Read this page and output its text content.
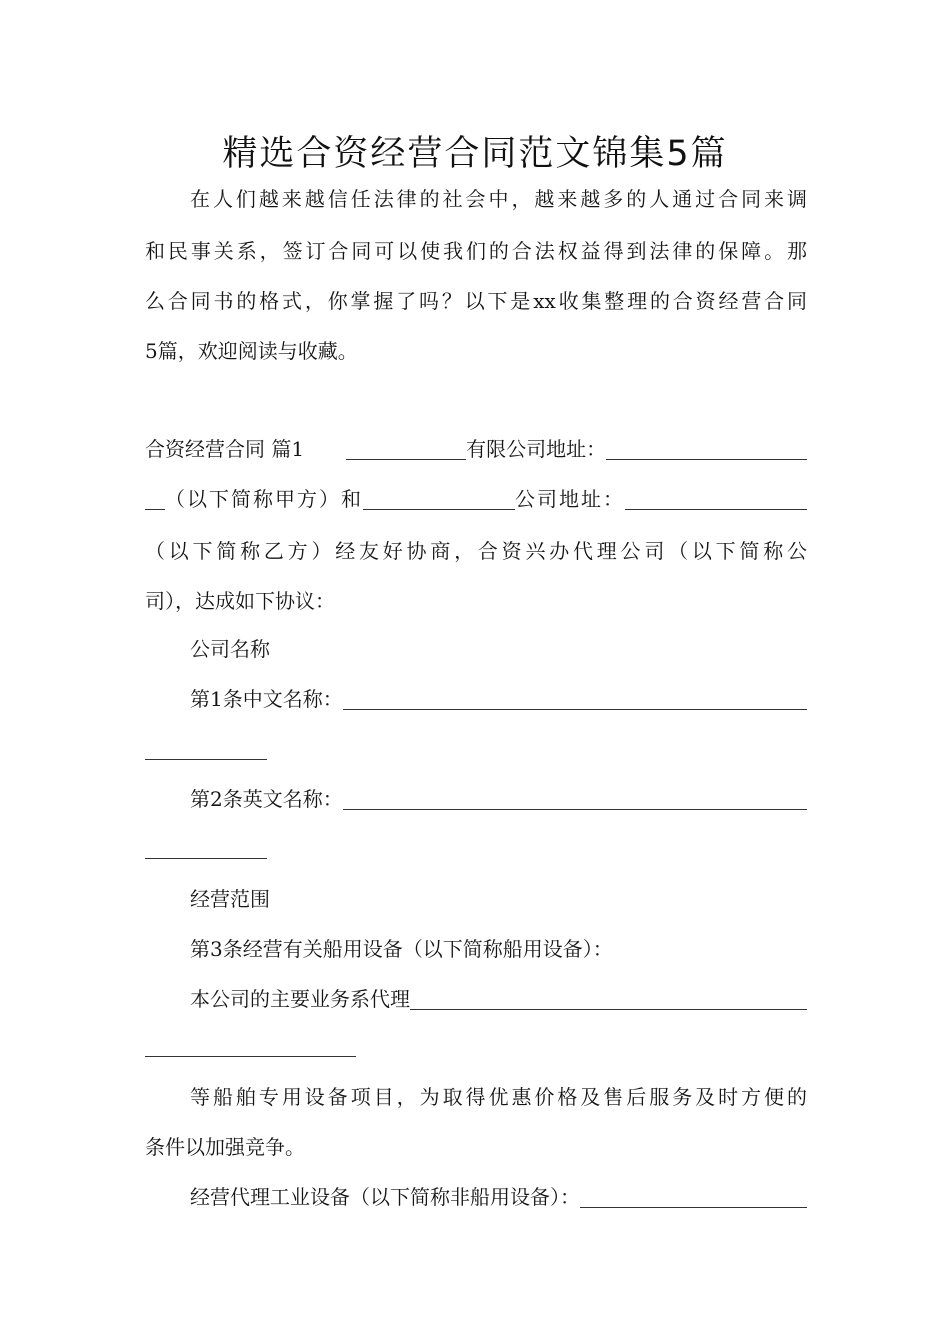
精选合资经营合同范文锦集5篇
在人们越来越信任法律的社会中，越来越多的人通过合同来调
和民事关系，签订合同可以使我们的合法权益得到法律的保障。那
么合同书的格式，你掌握了吗？以下是xx收集整理的合资经营合同
5篇，欢迎阅读与收藏。
合资经营合同 篇1	有限公司地址：
（以下简称甲方）和	公司地址：
（以下简称乙方）经友好协商，合资兴办代理公司（以下简称公
司），达成如下协议：
公司名称
第1条中文名称：
第2条英文名称：
经营范围
第3条经营有关船用设备（以下简称船用设备）：
本公司的主要业务系代理
等船舶专用设备项目，为取得优惠价格及售后服务及时方便的
条件以加强竞争。
经营代理工业设备（以下简称非船用设备）：
